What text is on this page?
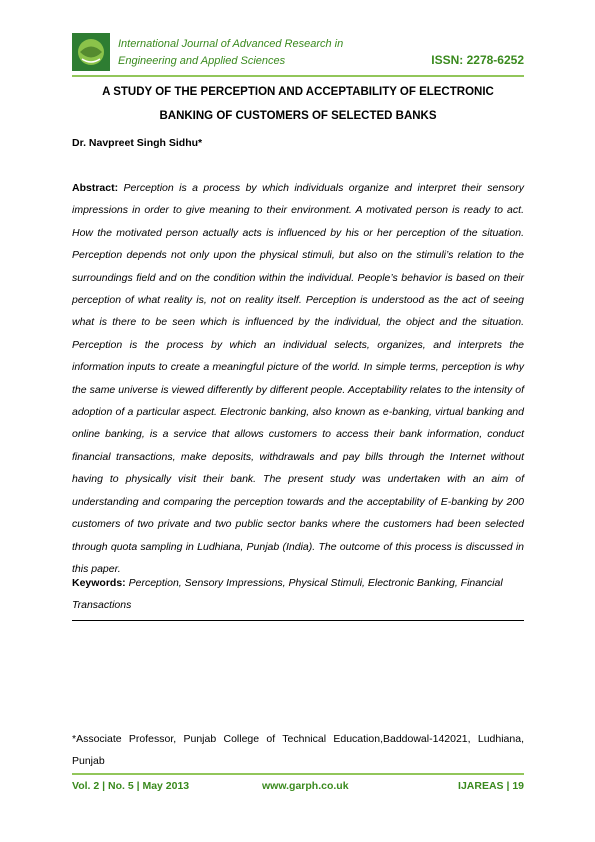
International Journal of Advanced Research in
Engineering and Applied Sciences	ISSN: 2278-6252
A STUDY OF THE PERCEPTION AND ACCEPTABILITY OF ELECTRONIC
BANKING OF CUSTOMERS OF SELECTED BANKS
Dr. Navpreet Singh Sidhu*
Abstract: Perception is a process by which individuals organize and interpret their sensory impressions in order to give meaning to their environment. A motivated person is ready to act. How the motivated person actually acts is influenced by his or her perception of the situation. Perception depends not only upon the physical stimuli, but also on the stimuli’s relation to the surroundings field and on the condition within the individual. People’s behavior is based on their perception of what reality is, not on reality itself. Perception is understood as the act of seeing what is there to be seen which is influenced by the individual, the object and the situation. Perception is the process by which an individual selects, organizes, and interprets the information inputs to create a meaningful picture of the world. In simple terms, perception is why the same universe is viewed differently by different people. Acceptability relates to the intensity of adoption of a particular aspect. Electronic banking, also known as e-banking, virtual banking and online banking, is a service that allows customers to access their bank information, conduct financial transactions, make deposits, withdrawals and pay bills through the Internet without having to physically visit their bank. The present study was undertaken with an aim of understanding and comparing the perception towards and the acceptability of E-banking by 200 customers of two private and two public sector banks where the customers had been selected through quota sampling in Ludhiana, Punjab (India). The outcome of this process is discussed in this paper.
Keywords: Perception, Sensory Impressions, Physical Stimuli, Electronic Banking, Financial Transactions
*Associate Professor, Punjab College of Technical Education,Baddowal-142021, Ludhiana, Punjab
Vol. 2 | No. 5 | May 2013	www.garph.co.uk	IJAREAS | 19
